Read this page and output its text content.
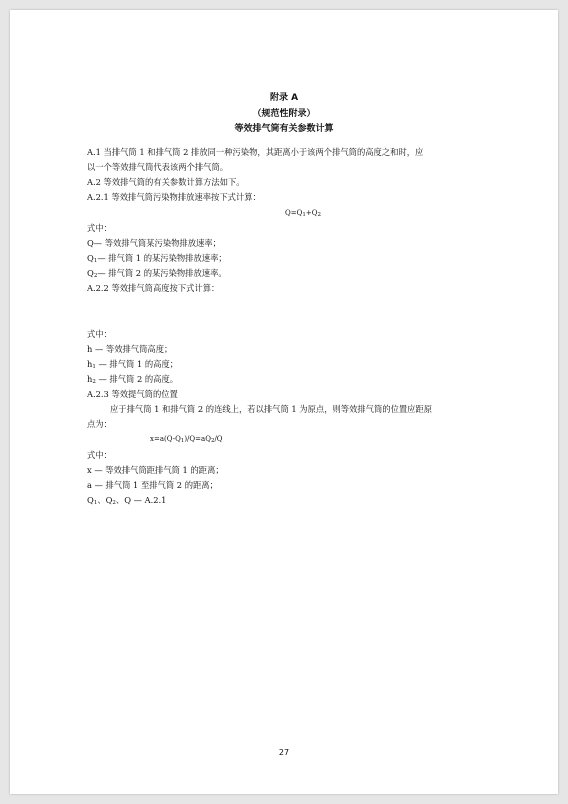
附录 A
（规范性附录）
等效排气筒有关参数计算
A.1 当排气筒 1 和排气筒 2 排放同一种污染物，其距离小于该两个排气筒的高度之和时，应
以一个等效排气筒代表该两个排气筒。
A.2 等效排气筒的有关参数计算方法如下。
A.2.1 等效排气筒污染物排放速率按下式计算：
$Q=Q_1+Q_2$
式中：
Q— 等效排气筒某污染物排放速率；
$Q_1—$ 排气筒 1 的某污染物排放速率；
$Q_2—$ 排气筒 2 的某污染物排放速率。
A.2.2 等效排气筒高度按下式计算：
式中：
h — 等效排气筒高度；
$h_1$ — 排气筒 1 的高度；
$h_2$ — 排气筒 2 的高度。
A.2.3 等效提气筒的位置
应于排气筒 1 和排气筒 2 的连线上，若以排气筒 1 为原点，则等效排气筒的位置应距原
点为：
$x=a(Q-Q_1)/Q=aQ_2/Q$
式中：
x — 等效排气筒距排气筒 1 的距离；
a — 排气筒 1 至排气筒 2 的距离；
$Q_1$、$Q_2$、Q — A.2.1
27
